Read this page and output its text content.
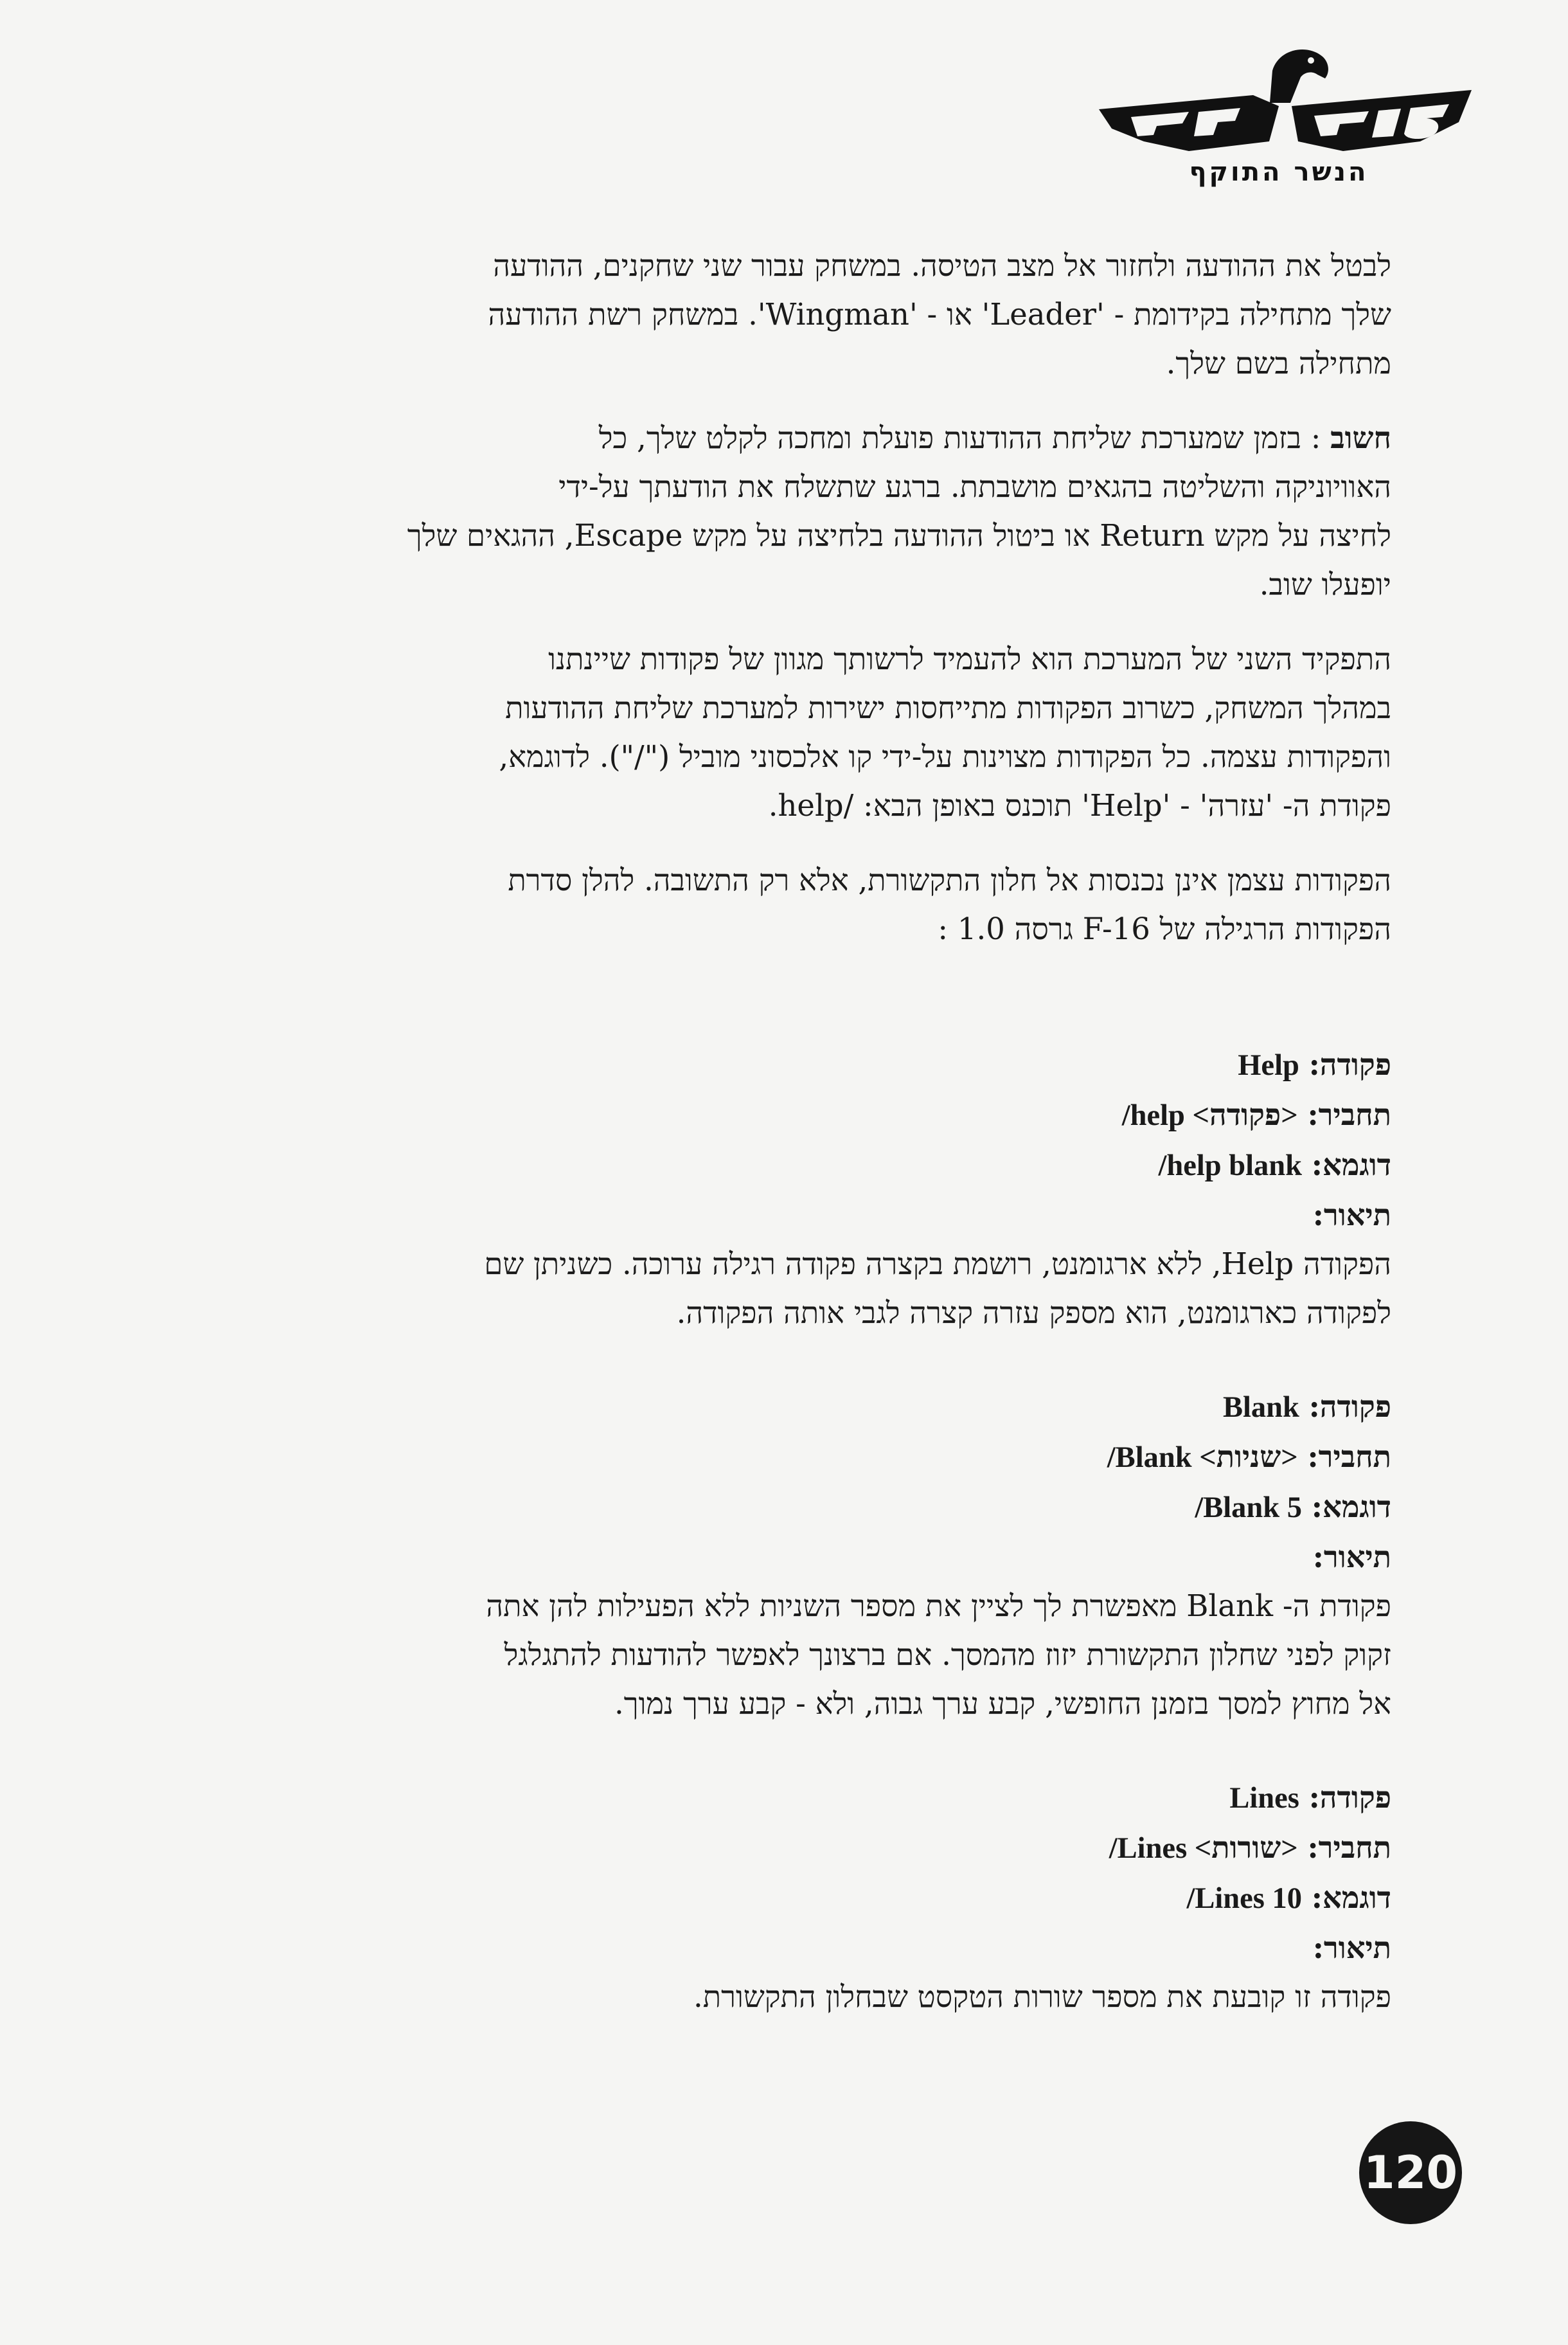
הנשר התוקף
לבטל את ההודעה ולחזור אל מצב הטיסה. במשחק עבור שני שחקנים, ההודעה
שלך מתחילה בקידומת - 'Leader' או - 'Wingman'. במשחק רשת ההודעה
מתחילה בשם שלך.
חשוב : בזמן שמערכת שליחת ההודעות פועלת ומחכה לקלט שלך, כל
האוויוניקה והשליטה בהגאים מושבתת. ברגע שתשלח את הודעתך על-ידי
לחיצה על מקש Return או ביטול ההודעה בלחיצה על מקש Escape, ההגאים שלך
יופעלו שוב.
התפקיד השני של המערכת הוא להעמיד לרשותך מגוון של פקודות שיינתנו
במהלך המשחק, כשרוב הפקודות מתייחסות ישירות למערכת שליחת ההודעות
והפקודות עצמה. כל הפקודות מצוינות על-ידי קו אלכסוני מוביל ("/"). לדוגמא,
פקודת ה- 'עזרה' - 'Help' תוכנס באופן הבא: /help.
הפקודות עצמן אינן נכנסות אל חלון התקשורת, אלא רק התשובה. להלן סדרת
הפקודות הרגילה של F-16 גרסה 1.0 :
פקודה: Help
תחביר: /help <פקודה>
דוגמא: /help blank
תיאור:
הפקודה Help, ללא ארגומנט, רושמת בקצרה פקודה רגילה ערוכה. כשניתן שם
לפקודה כארגומנט, הוא מספק עזרה קצרה לגבי אותה הפקודה.
פקודה: Blank
תחביר: /Blank <שניות>
דוגמא: /Blank 5
תיאור:
פקודת ה- Blank מאפשרת לך לציין את מספר השניות ללא הפעילות להן אתה
זקוק לפני שחלון התקשורת יזוז מהמסך. אם ברצונך לאפשר להודעות להתגלגל
אל מחוץ למסך בזמנן החופשי, קבע ערך גבוה, ולא - קבע ערך נמוך.
פקודה: Lines
תחביר: /Lines <שורות>
דוגמא: /Lines 10
תיאור:
פקודה זו קובעת את מספר שורות הטקסט שבחלון התקשורת.
120
